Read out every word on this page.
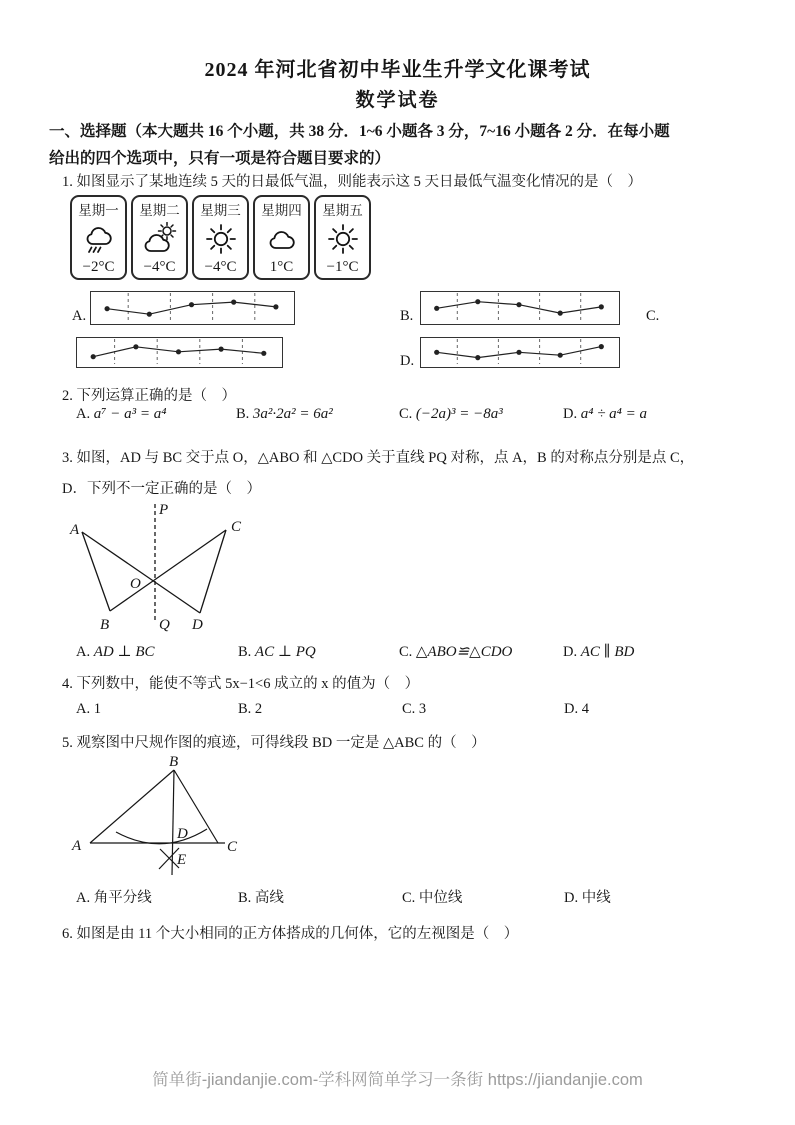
2024 年河北省初中毕业生升学文化课考试
数学试卷
一、选择题（本大题共 16 个小题，共 38 分．1~6 小题各 3 分，7~16 小题各 2 分．在每小题
给出的四个选项中，只有一项是符合题目要求的）
1. 如图显示了某地连续 5 天的日最低气温，则能表示这 5 天日最低气温变化情况的是（　）
星期一
−2°C
星期二
−4°C
星期三
−4°C
星期四
1°C
星期五
−1°C
A.	B.	C.
D.
2. 下列运算正确的是（　）
A. a⁷ − a³ = a⁴	B. 3a²·2a² = 6a²	C. (−2a)³ = −8a³	D. a⁴ ÷ a⁴ = a
3. 如图，AD 与 BC 交于点 O，△ABO 和 △CDO 关于直线 PQ 对称，点 A，B 的对称点分别是点 C，
D．下列不一定正确的是（　）
P
A	C
O
B	Q D
A. AD ⊥ BC	B. AC ⊥ PQ	C. △ABO≌△CDO	D. AC ∥ BD
4. 下列数中，能使不等式 5x−1<6 成立的 x 的值为（　）
A. 1	B. 2	C. 3	D. 4
5. 观察图中尺规作图的痕迹，可得线段 BD 一定是 △ABC 的（　）
B
A	C
D
E
A. 角平分线	B. 高线	C. 中位线	D. 中线
6. 如图是由 11 个大小相同的正方体搭成的几何体，它的左视图是（　）
简单街-jiandanjie.com-学科网简单学习一条街 https://jiandanjie.com
